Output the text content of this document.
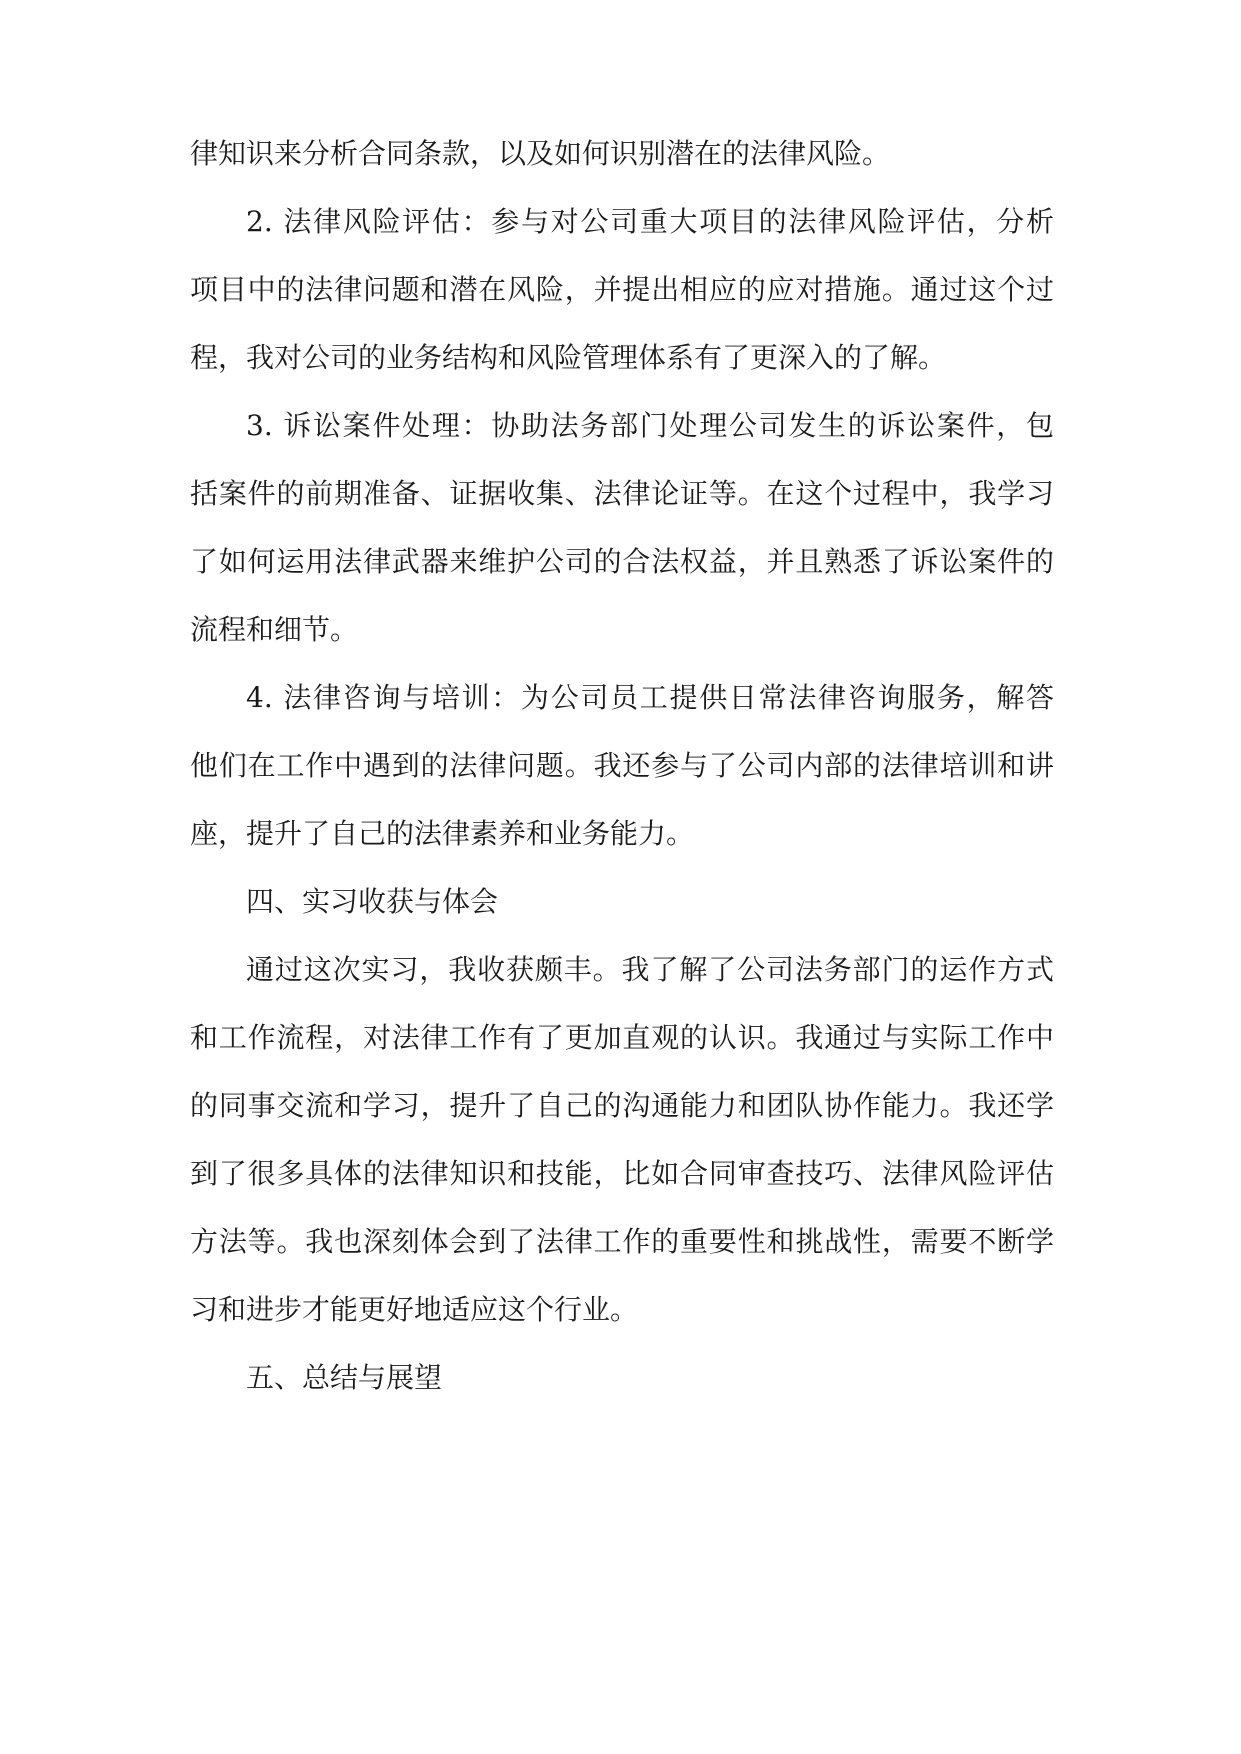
律知识来分析合同条款，以及如何识别潜在的法律风险。
2. 法律风险评估：参与对公司重大项目的法律风险评估，分析
项目中的法律问题和潜在风险，并提出相应的应对措施。通过这个过
程，我对公司的业务结构和风险管理体系有了更深入的了解。
3. 诉讼案件处理：协助法务部门处理公司发生的诉讼案件，包
括案件的前期准备、证据收集、法律论证等。在这个过程中，我学习
了如何运用法律武器来维护公司的合法权益，并且熟悉了诉讼案件的
流程和细节。
4. 法律咨询与培训：为公司员工提供日常法律咨询服务，解答
他们在工作中遇到的法律问题。我还参与了公司内部的法律培训和讲
座，提升了自己的法律素养和业务能力。
四、实习收获与体会
通过这次实习，我收获颇丰。我了解了公司法务部门的运作方式
和工作流程，对法律工作有了更加直观的认识。我通过与实际工作中
的同事交流和学习，提升了自己的沟通能力和团队协作能力。我还学
到了很多具体的法律知识和技能，比如合同审查技巧、法律风险评估
方法等。我也深刻体会到了法律工作的重要性和挑战性，需要不断学
习和进步才能更好地适应这个行业。
五、总结与展望
